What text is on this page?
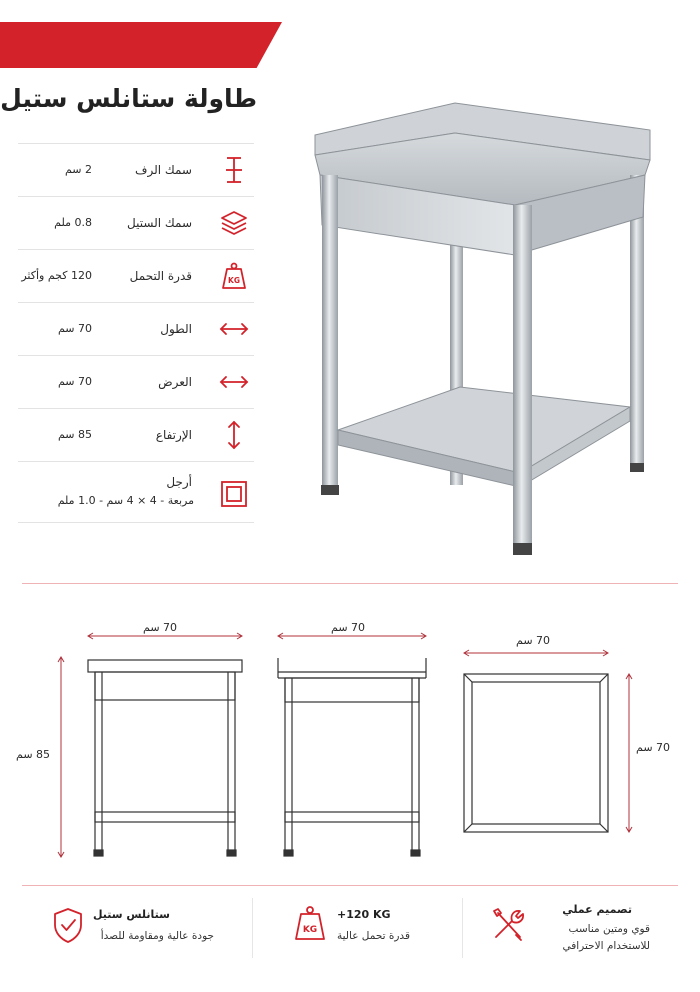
داتا شيت
طاولة ستانلس ستيل
سمك الرف
2 سم
سمك الستيل
0.8 ملم
قدرة التحمل
120 كجم وأكثر	KG
الطول
70 سم
العرض
70 سم
الإرتفاع
85 سم
أرجل
مربعة - 4 × 4 سم - 1.0 ملم
70 سم	70 سم
70 سم
70 سم
85 سم
ستانلس ستيل
جودة عالية ومقاومة للصدأ	KG
+120 KG
قدرة تحمل عالية
تصميم عملي
قوي ومتين مناسب
للاستخدام الاحترافي
